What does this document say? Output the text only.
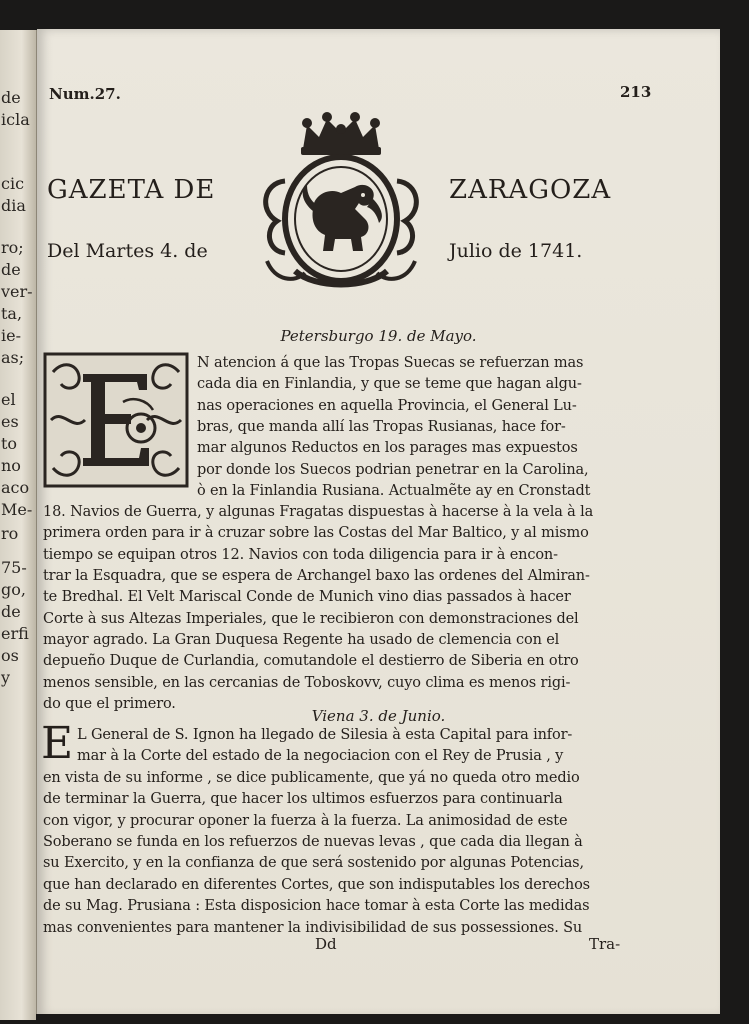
de
icla
cic
dia
ro;
de
ver-
ta,
ie-
as;
el
es
to
no
aco
Me-
ro
75-
go,
de
erfi
os
y
Num.27.	213
GAZETA DE	ZARAGOZA
Del Martes 4. de	Julio de 1741.
Petersburgo 19. de Mayo.
N atencion á que las Tropas Suecas se refuerzan mas
cada dia en Finlandia, y que se teme que hagan algu-
nas operaciones en aquella Provincia, el General Lu-
bras, que manda allí las Tropas Rusianas, hace for-
mar algunos Reductos en los parages mas expuestos
por donde los Suecos podrian penetrar en la Carolina,
ò en la Finlandia Rusiana. Actualmẽte ay en Cronstadt
18. Navios de Guerra, y algunas Fragatas dispuestas à hacerse à la vela à la
primera orden para ir à cruzar sobre las Costas del Mar Baltico, y al mismo
tiempo se equipan otros 12. Navios con toda diligencia para ir à encon-
trar la Esquadra, que se espera de Archangel baxo las ordenes del Almiran-
te Bredhal. El Velt Mariscal Conde de Munich vino dias passados à hacer
Corte à sus Altezas Imperiales, que le recibieron con demonstraciones del
mayor agrado. La Gran Duquesa Regente ha usado de clemencia con el
depueño Duque de Curlandia, comutandole el destierro de Siberia en otro
menos sensible, en las cercanias de Toboskovv, cuyo clima es menos rigi-
do que el primero.
Viena 3. de Junio.
E L General de S. Ignon ha llegado de Silesia à esta Capital para infor-
mar à la Corte del estado de la negociacion con el Rey de Prusia , y
en vista de su informe , se dice publicamente, que yá no queda otro medio
de terminar la Guerra, que hacer los ultimos esfuerzos para continuarla
con vigor, y procurar oponer la fuerza à la fuerza. La animosidad de este
Soberano se funda en los refuerzos de nuevas levas , que cada dia llegan à
su Exercito, y en la confianza de que será sostenido por algunas Potencias,
que han declarado en diferentes Cortes, que son indisputables los derechos
de su Mag. Prusiana : Esta disposicion hace tomar à esta Corte las medidas
mas convenientes para mantener la indivisibilidad de sus possessiones. Su
Dd	Tra-
